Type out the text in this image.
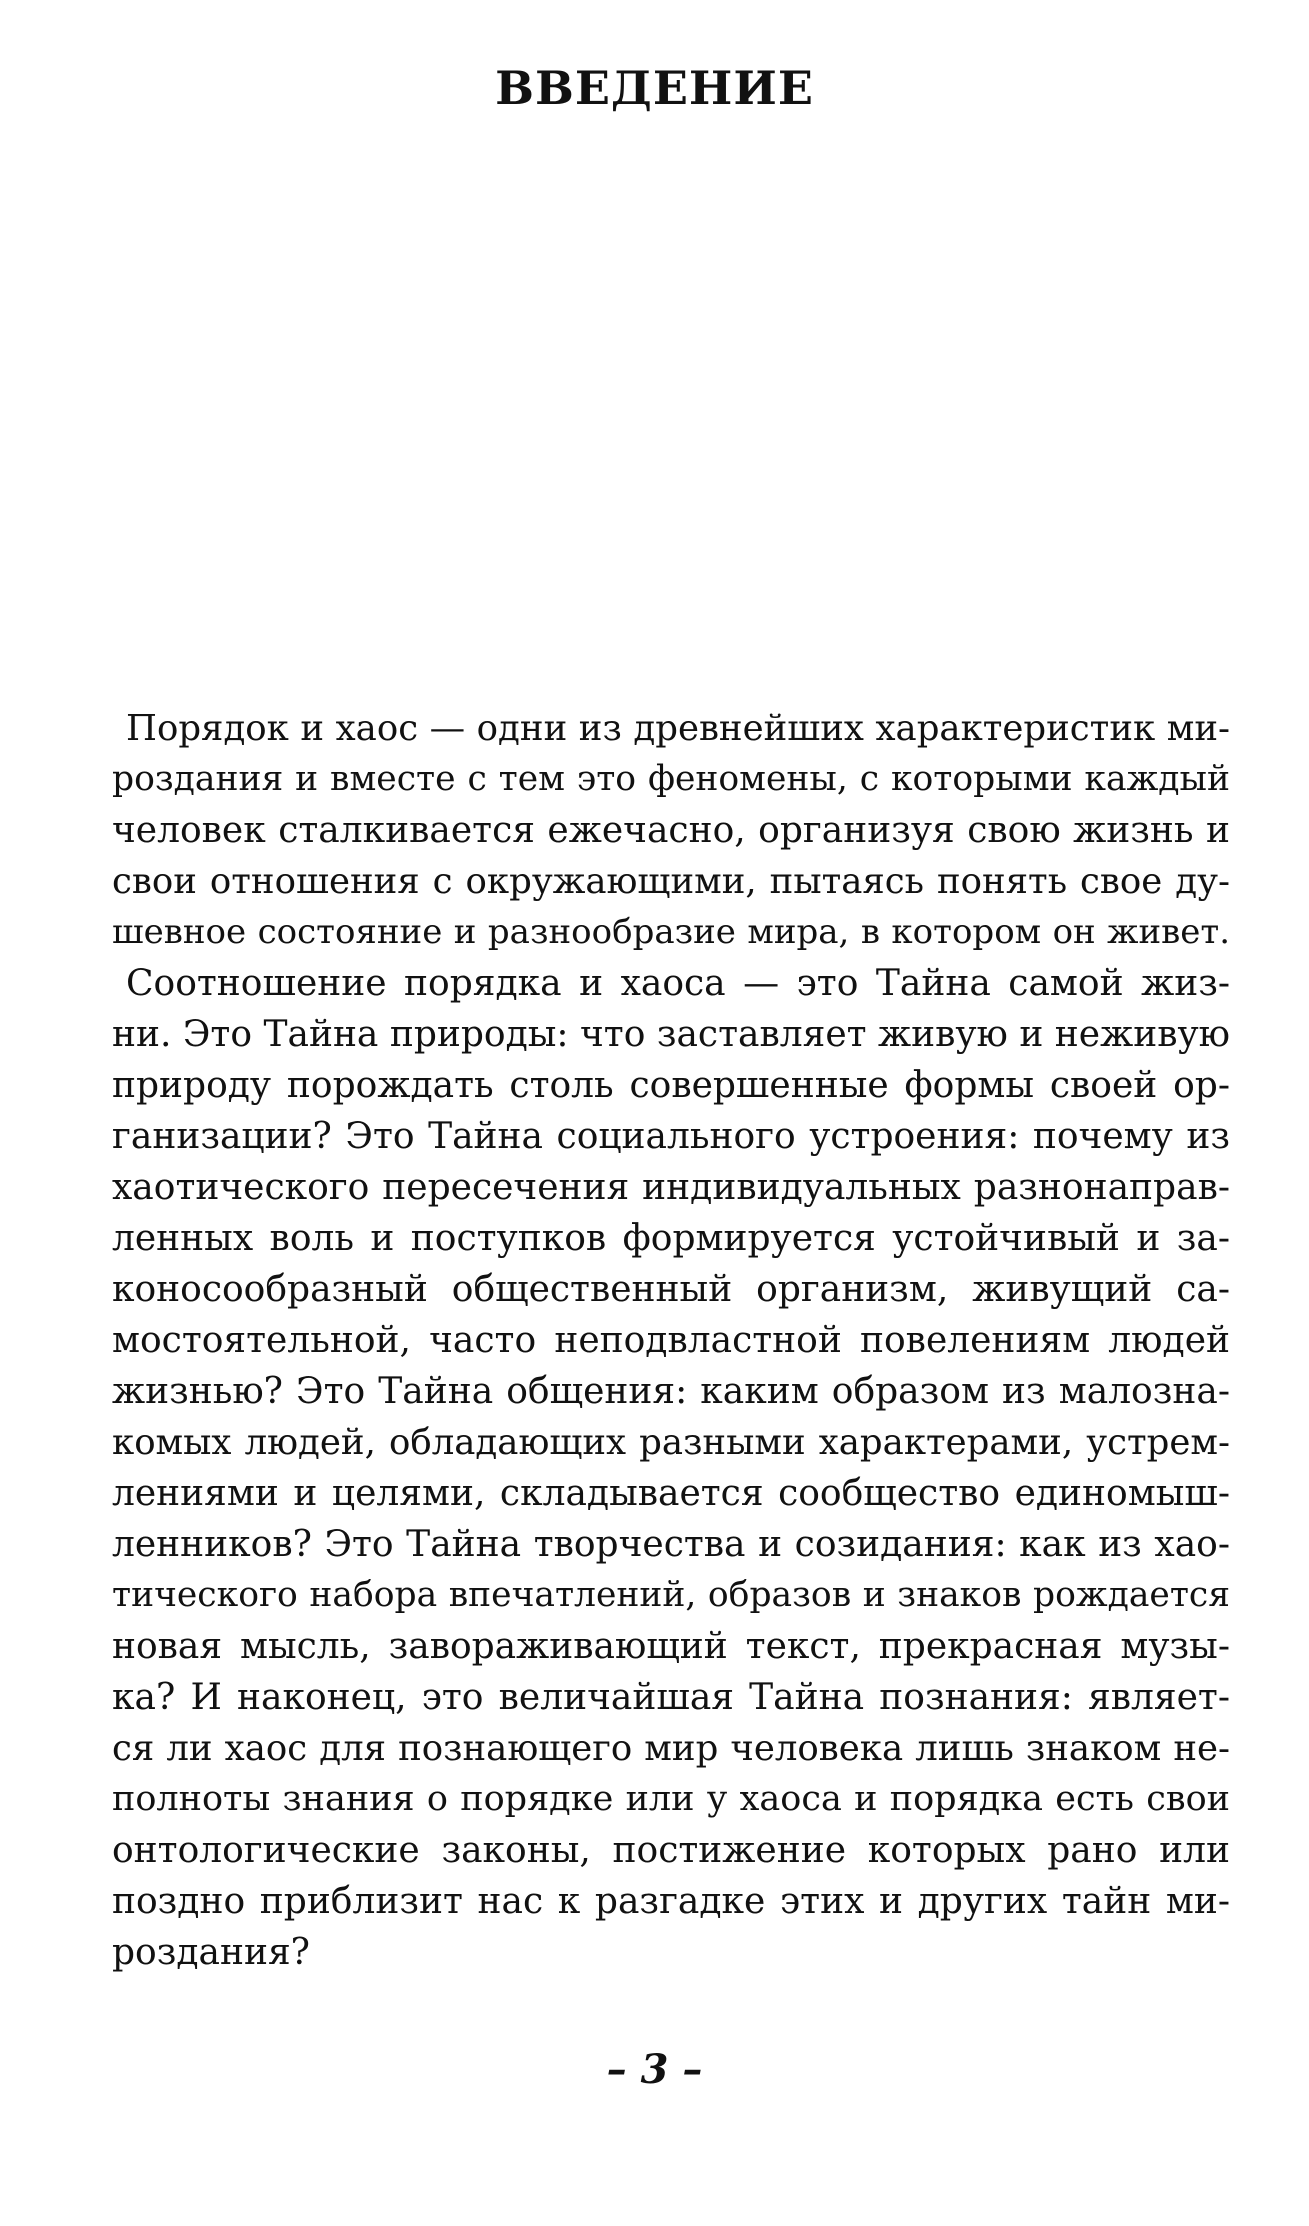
ВВЕДЕНИЕ
Порядок и хаос — одни из древнейших характеристик ми-
роздания и вместе с тем это феномены, с которыми каждый
человек сталкивается ежечасно, организуя свою жизнь и
свои отношения с окружающими, пытаясь понять свое ду-
шевное состояние и разнообразие мира, в котором он живет.
Соотношение порядка и хаоса — это Тайна самой жиз-
ни. Это Тайна природы: что заставляет живую и неживую
природу порождать столь совершенные формы своей ор-
ганизации? Это Тайна социального устроения: почему из
хаотического пересечения индивидуальных разнонаправ-
ленных воль и поступков формируется устойчивый и за-
коносообразный общественный организм, живущий са-
мостоятельной, часто неподвластной повелениям людей
жизнью? Это Тайна общения: каким образом из малозна-
комых людей, обладающих разными характерами, устрем-
лениями и целями, складывается сообщество единомыш-
ленников? Это Тайна творчества и созидания: как из хао-
тического набора впечатлений, образов и знаков рождается
новая мысль, завораживающий текст, прекрасная музы-
ка? И наконец, это величайшая Тайна познания: являет-
ся ли хаос для познающего мир человека лишь знаком не-
полноты знания о порядке или у хаоса и порядка есть свои
онтологические законы, постижение которых рано или
поздно приблизит нас к разгадке этих и других тайн ми-
роздания?
– 3 –
